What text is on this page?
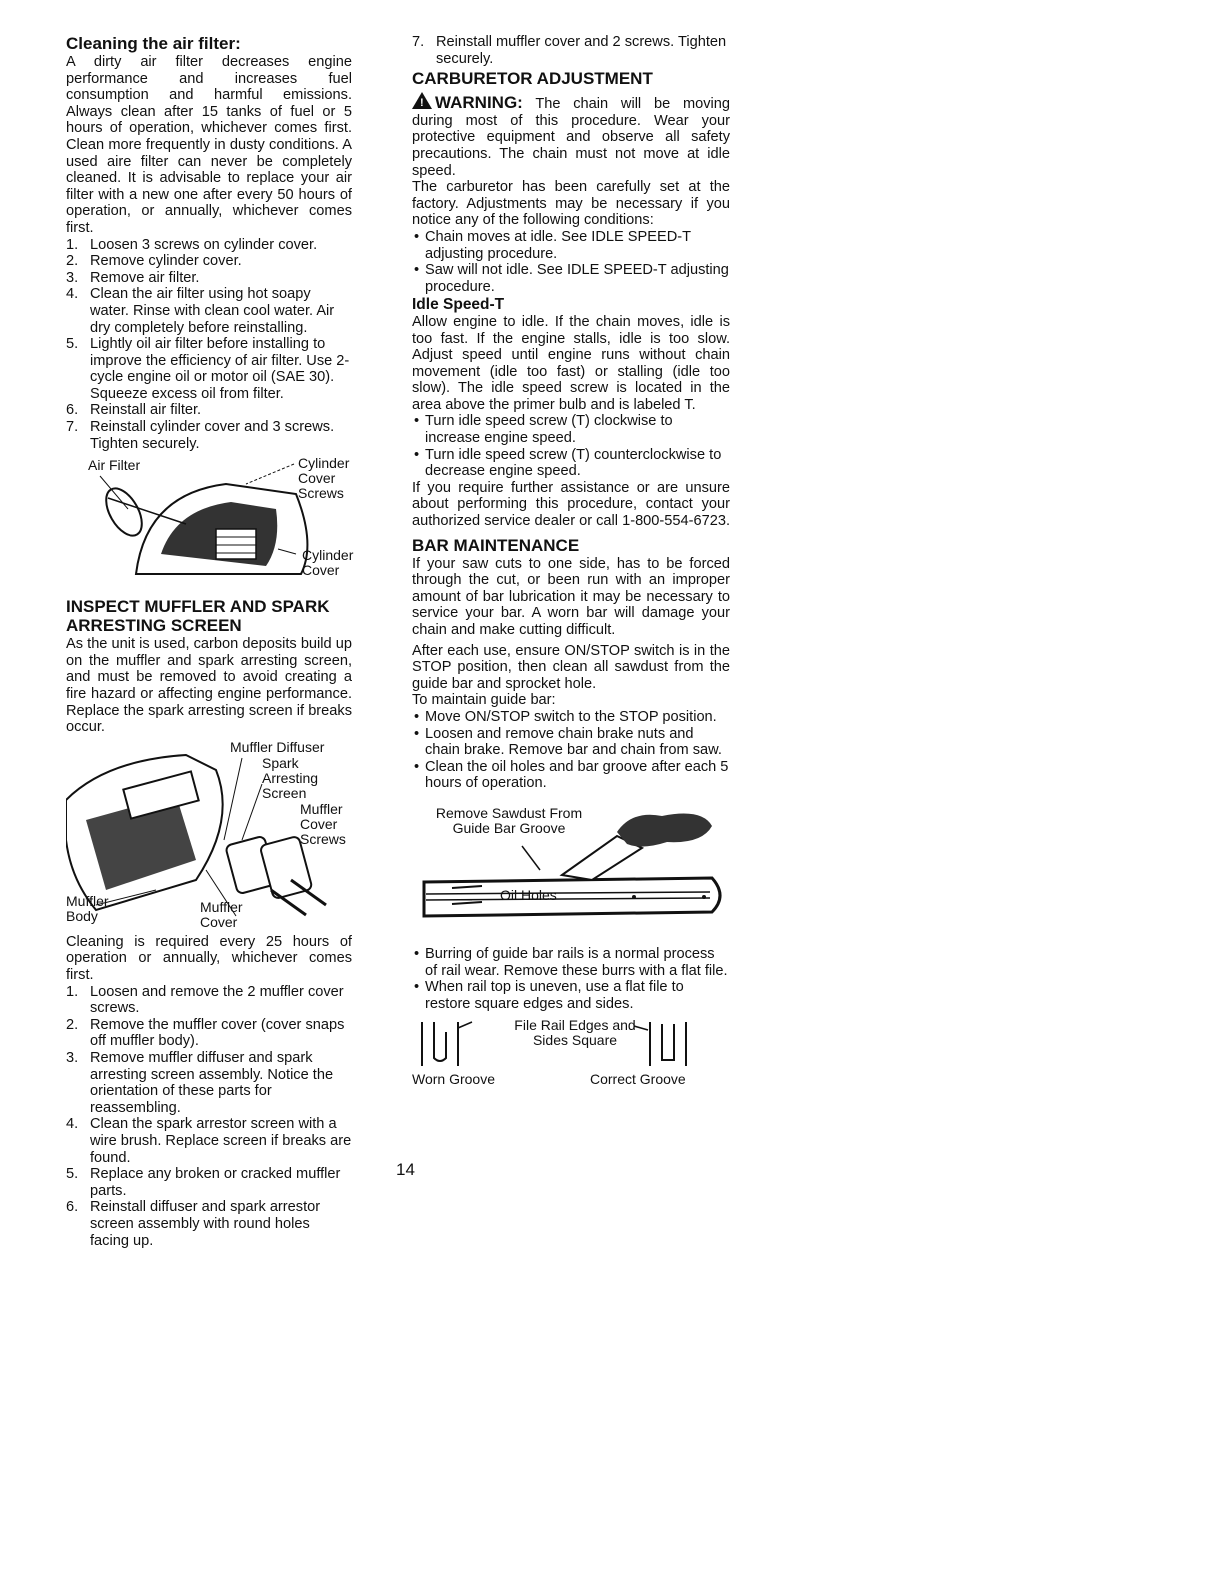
Cleaning the air filter:

A dirty air filter decreases engine performance and increases fuel consumption and harmful emissions. Always clean after 15 tanks of fuel or 5 hours of operation, whichever comes first. Clean more frequently in dusty conditions. A used aire filter can never be completely cleaned. It is advisable to replace your air filter with a new one after every 50 hours of operation, or annually, whichever comes first.

1. Loosen 3 screws on cylinder cover.
2. Remove cylinder cover.
3. Remove air filter.
4. Clean the air filter using hot soapy water. Rinse with clean cool water. Air dry completely before reinstalling.
5. Lightly oil air filter before installing to improve the efficiency of air filter. Use 2-cycle engine oil or motor oil (SAE 30). Squeeze excess oil from filter.
6. Reinstall air filter.
7. Reinstall cylinder cover and 3 screws. Tighten securely.
Air Filter	Cylinder Cover Screws
Cylinder Cover
INSPECT MUFFLER AND SPARK ARRESTING SCREEN

As the unit is used, carbon deposits build up on the muffler and spark arresting screen, and must be removed to avoid creating a fire hazard or affecting engine performance. Replace the spark arresting screen if breaks occur.

Muffler Diffuser
Spark Arresting Screen
Muffler Cover Screws
Muffler Body
Muffler Cover

Cleaning is required every 25 hours of operation or annually, whichever comes first.

1. Loosen and remove the 2 muffler cover screws.
2. Remove the muffler cover (cover snaps off muffler body).
3. Remove muffler diffuser and spark arresting screen assembly. Notice the orientation of these parts for reassembling.
4. Clean the spark arrestor screen with a wire brush. Replace screen if breaks are found.
5. Replace any broken or cracked muffler parts.
6. Reinstall diffuser and spark arrestor screen assembly with round holes facing up.
7. Reinstall muffler cover and 2 screws. Tighten securely.
CARBURETOR ADJUSTMENT

! WARNING: The chain will be moving during most of this procedure. Wear your protective equipment and observe all safety precautions. The chain must not move at idle speed.

The carburetor has been carefully set at the factory. Adjustments may be necessary if you notice any of the following conditions:

• Chain moves at idle. See IDLE SPEED-T adjusting procedure.
• Saw will not idle. See IDLE SPEED-T adjusting procedure.
Idle Speed-T

Allow engine to idle. If the chain moves, idle is too fast. If the engine stalls, idle is too slow. Adjust speed until engine runs without chain movement (idle too fast) or stalling (idle too slow). The idle speed screw is located in the area above the primer bulb and is labeled T.

• Turn idle speed screw (T) clockwise to increase engine speed.
• Turn idle speed screw (T) counterclockwise to decrease engine speed.

If you require further assistance or are unsure about performing this procedure, contact your authorized service dealer or call 1-800-554-6723.

BAR MAINTENANCE

If your saw cuts to one side, has to be forced through the cut, or been run with an improper amount of bar lubrication it may be necessary to service your bar. A worn bar will damage your chain and make cutting difficult.

After each use, ensure ON/STOP switch is in the STOP position, then clean all sawdust from the guide bar and sprocket hole.

To maintain guide bar:

• Move ON/STOP switch to the STOP position.
• Loosen and remove chain brake nuts and chain brake. Remove bar and chain from saw.
• Clean the oil holes and bar groove after each 5 hours of operation.
Remove Sawdust From Guide Bar Groove
Oil Holes
• Burring of guide bar rails is a normal process of rail wear. Remove these burrs with a flat file.
• When rail top is uneven, use a flat file to restore square edges and sides.
File Rail Edges and Sides Square
Worn Groove	Correct Groove
14
